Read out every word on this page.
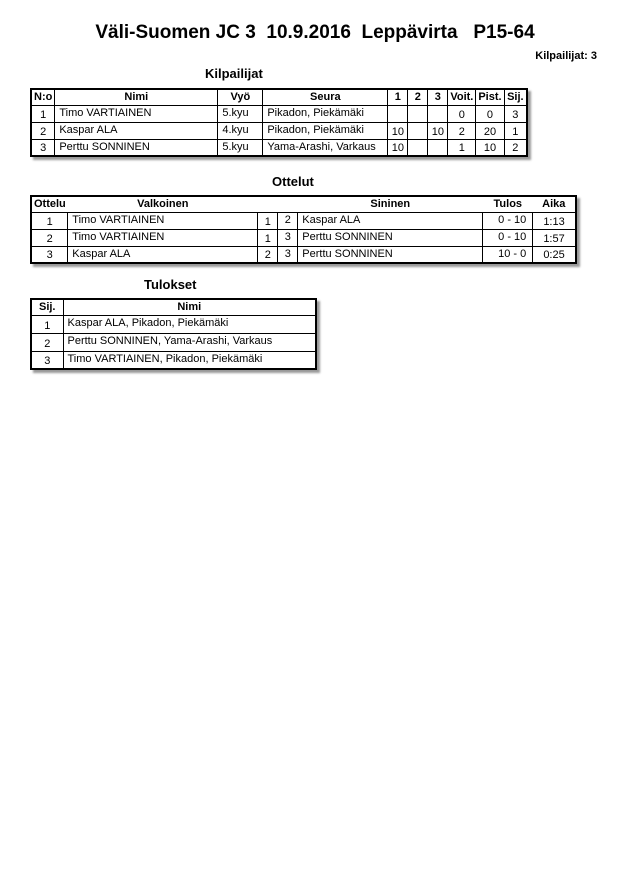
Väli-Suomen JC 3  10.9.2016  Leppävirta   P15-64
Kilpailijat: 3
Kilpailijat
N:o	Nimi	Vyö	Seura	1	2	3	Voit.	Pist.	Sij.
1	Timo VARTIAINEN	5.kyu	Pikadon, Piekämäki				0	0	3
2	Kaspar ALA	4.kyu	Pikadon, Piekämäki	10		10	2	20	1
3	Perttu SONNINEN	5.kyu	Yama-Arashi, Varkaus	10			1	10	2
Ottelut
Ottelu	Valkoinen			Sininen	Tulos	Aika
1	Timo VARTIAINEN	1	2	Kaspar ALA	0 - 10	1:13
2	Timo VARTIAINEN	1	3	Perttu SONNINEN	0 - 10	1:57
3	Kaspar ALA	2	3	Perttu SONNINEN	10 - 0	0:25
Tulokset
Sij.	Nimi
1	Kaspar ALA, Pikadon, Piekämäki
2	Perttu SONNINEN, Yama-Arashi, Varkaus
3	Timo VARTIAINEN, Pikadon, Piekämäki
